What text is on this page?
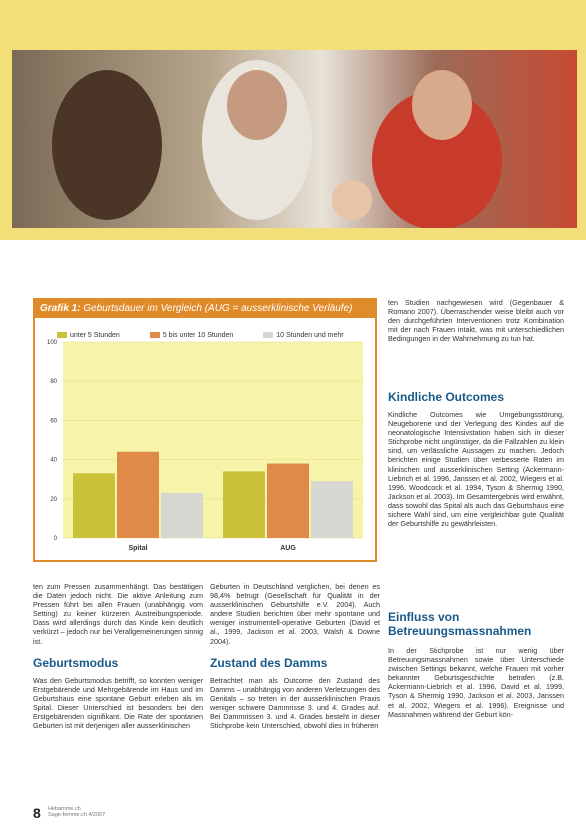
Grafik 1: Geburtsdauer im Vergleich (AUG = ausserklinische Verläufe)
unter 5 Stunden	5 bis unter 10 Stunden	10 Stunden und mehr
0
20
40
60
80
100
Spital	AUG
ten zum Pressen zusammenhängt. Das bestätigen die Daten jedoch nicht. Die aktive Anleitung zum Pressen führt bei allen Frauen (unabhängig vom Setting) zu keiner kürzeren Austreibungsperiode. Dass wird allerdings durch das Kinde kein deutlich verkürzt – jedoch nur bei Verallgemeinerungen sinnig ist.
Geburten in Deutschland verglichen, bei denen es 98,4% betrugt (Gesellschaft für Qualität in der ausserklinischen Geburtshilfe e.V. 2004). Auch andere Studien berichten über mehr spontane und weniger instrumentell-operative Geburten (David et al., 1999, Jackson et al. 2003, Walsh & Downe 2004).
Geburtsmodus
Was den Geburtsmodus betrifft, so konnten weniger Erstgebärende und Mehrgebärende im Haus und im Geburtshaus eine spontane Geburt erleben als im Spital. Dieser Unterschied ist besonders bei den Erstgebärenden signifikant. Die Rate der spontanen Geburten ist mit derjenigen aller ausserklinischen
Zustand des Damms
Betrachtet man als Outcome den Zustand des Damms – unabhängig von anderen Verletzungen des Genitals – so treten in der ausserklinischen Praxis weniger schwere Dammrisse 3. und 4. Grades auf. Bei Dammrissen 3. und 4. Grades besteht in dieser Stichprobe kein Unterschied, obwohl dies in früheren
ten Studien nachgewiesen wird (Gegenbauer & Romano 2007). Überraschender weise bleibt auch vor den durchgeführten Interventionen trotz Kombination mit der nach Frauen intakt, was mit unterschiedlichen Bedingungen in der Wahrnehmung zu tun hat.
Kindliche Outcomes
Kindliche Outcomes wie Umgebungsstörung, Neugeborene und der Verlegung des Kindes auf die neonatologische Intensivstation haben sich in dieser Stichprobe nicht ungünstiger, da die Fallzahlen zu klein sind, um verlässliche Aussagen zu machen. Jedoch berichten einige Studien über verbesserte Raten im klinischen und ausserklinischen Setting (Ackermann-Liebrich et al. 1996, Janssen et al. 2002, Wiegers et al. 1996, Woodcock et al. 1994, Tyson & Shermig 1990, Jackson et al. 2003). Im Gesamtergebnis wird erwähnt, dass sowohl das Spital als auch das Geburtshaus eine sichere Wahl sind, um eine vergleichbar gute Qualität der Geburtshilfe zu gewährleisten.
Einfluss von Betreuungsmassnahmen
In der Stichprobe ist nur wenig über Betreuungsmassnahmen sowie über Unterschiede zwischen Settings bekannt, welche Frauen mit vorher bekannter Geburtsgeschichte betrafen (z.B. Ackermann-Liebrich et al. 1996, David et al. 1999, Tyson & Shermig 1990, Jackson et al. 2003, Janssen et al. 2002, Wiegers et al. 1996). Ereignisse und Massnahmen während der Geburt kön-
8 Hebamme.ch
Sage-femme.ch 4/2007
